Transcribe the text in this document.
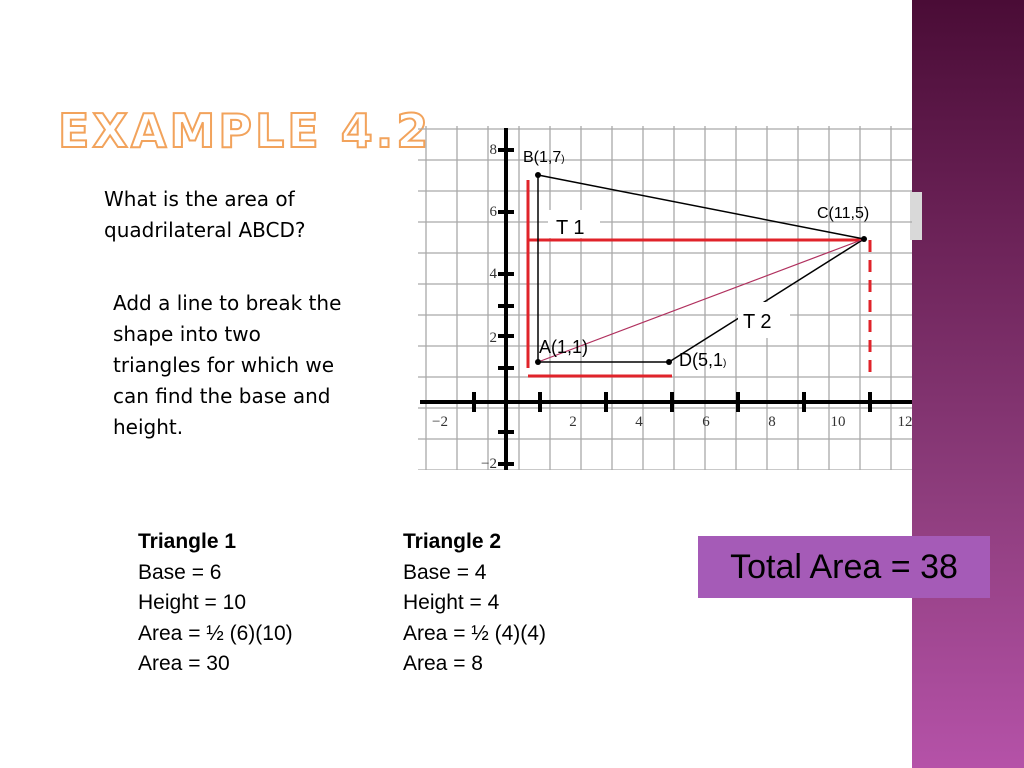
EXAMPLE 4.2
What is the area of quadrilateral ABCD?
Add a line to break the shape into two triangles for which we can find the base and height.
B(1,7)
C(11,5)
A(1,1)
D(5,1)
T 1
T 2
−2	2	4	6	8	10	12
8
6
4
2
−2
Triangle 1
Base = 6
Height = 10
Area = ½ (6)(10)
Area = 30
Triangle 2
Base = 4
Height = 4
Area = ½ (4)(4)
Area = 8
Total Area = 38
